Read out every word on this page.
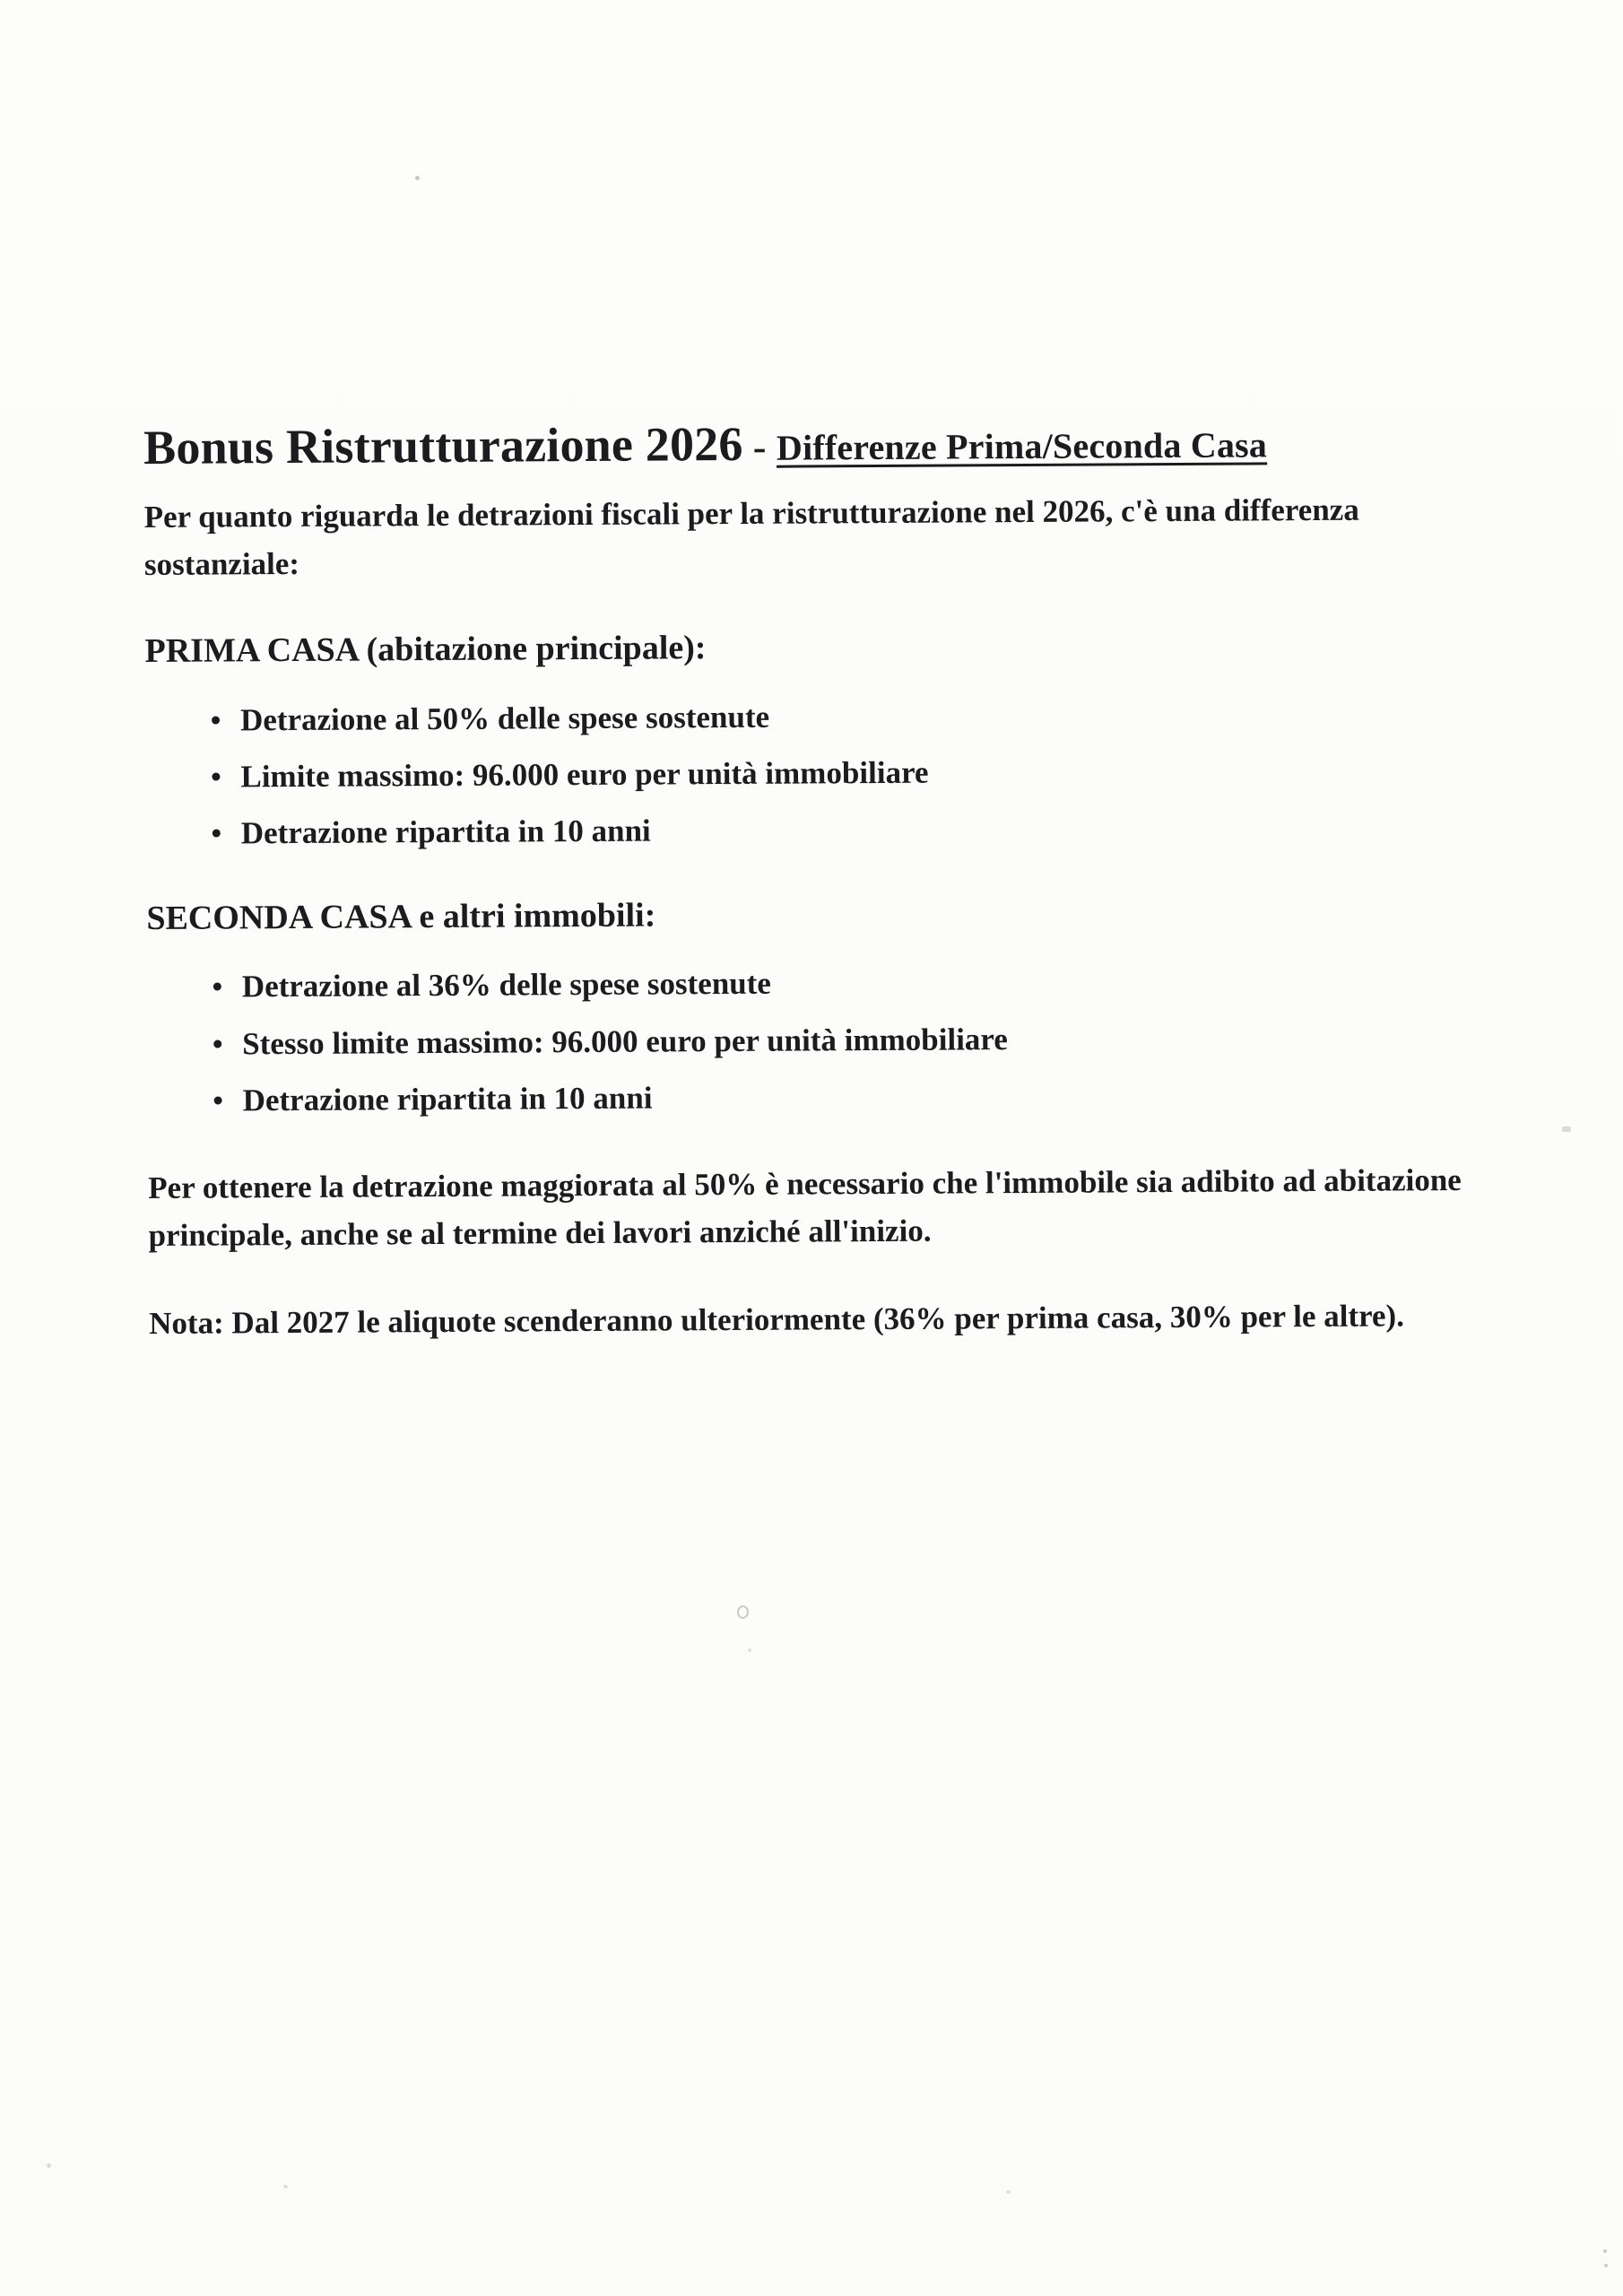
Bonus Ristrutturazione 2026 - Differenze Prima/Seconda Casa

Per quanto riguarda le detrazioni fiscali per la ristrutturazione nel 2026, c'è una differenza sostanziale:

PRIMA CASA (abitazione principale):
Detrazione al 50% delle spese sostenute
Limite massimo: 96.000 euro per unità immobiliare
Detrazione ripartita in 10 anni
SECONDA CASA e altri immobili:
Detrazione al 36% delle spese sostenute
Stesso limite massimo: 96.000 euro per unità immobiliare
Detrazione ripartita in 10 anni

Per ottenere la detrazione maggiorata al 50% è necessario che l'immobile sia adibito ad abitazione principale, anche se al termine dei lavori anziché all'inizio.

Nota: Dal 2027 le aliquote scenderanno ulteriormente (36% per prima casa, 30% per le altre).
